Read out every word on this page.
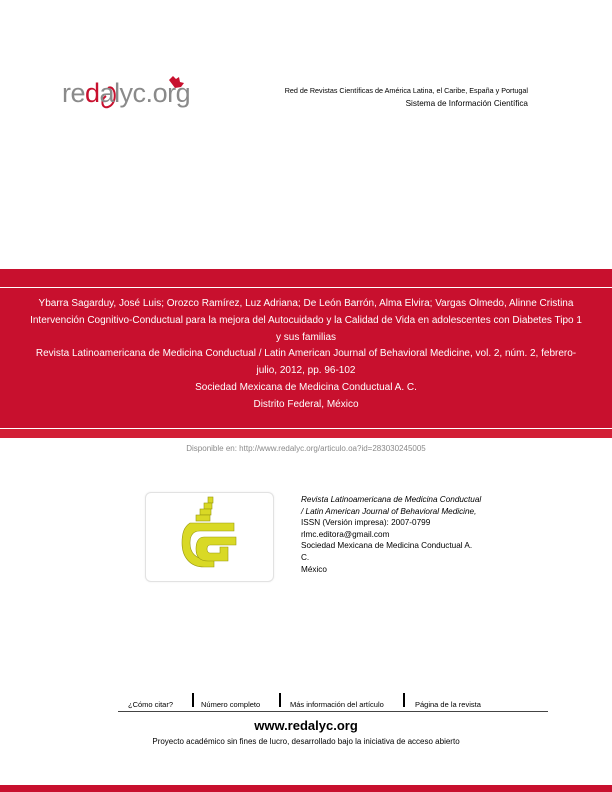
redalyc.org	Red de Revistas Científicas de América Latina, el Caribe, España y Portugal
Sistema de Información Científica
Ybarra Sagarduy, José Luis; Orozco Ramírez, Luz Adriana; De León Barrón, Alma Elvira; Vargas Olmedo, Alinne Cristina
Intervención Cognitivo-Conductual para la mejora del Autocuidado y la Calidad de Vida en adolescentes con Diabetes Tipo 1 y sus familias
Revista Latinoamericana de Medicina Conductual / Latin American Journal of Behavioral Medicine, vol. 2, núm. 2, febrero-julio, 2012, pp. 96-102
Sociedad Mexicana de Medicina Conductual A. C.
Distrito Federal, México
Disponible en: http://www.redalyc.org/articulo.oa?id=283030245005
Revista Latinoamericana de Medicina Conductual
/ Latin American Journal of Behavioral Medicine,
ISSN (Versión impresa): 2007-0799
rlmc.editora@gmail.com
Sociedad Mexicana de Medicina Conductual A.
C.
México
¿Cómo citar?	Número completo	Más información del artículo	Página de la revista
www.redalyc.org
Proyecto académico sin fines de lucro, desarrollado bajo la iniciativa de acceso abierto
